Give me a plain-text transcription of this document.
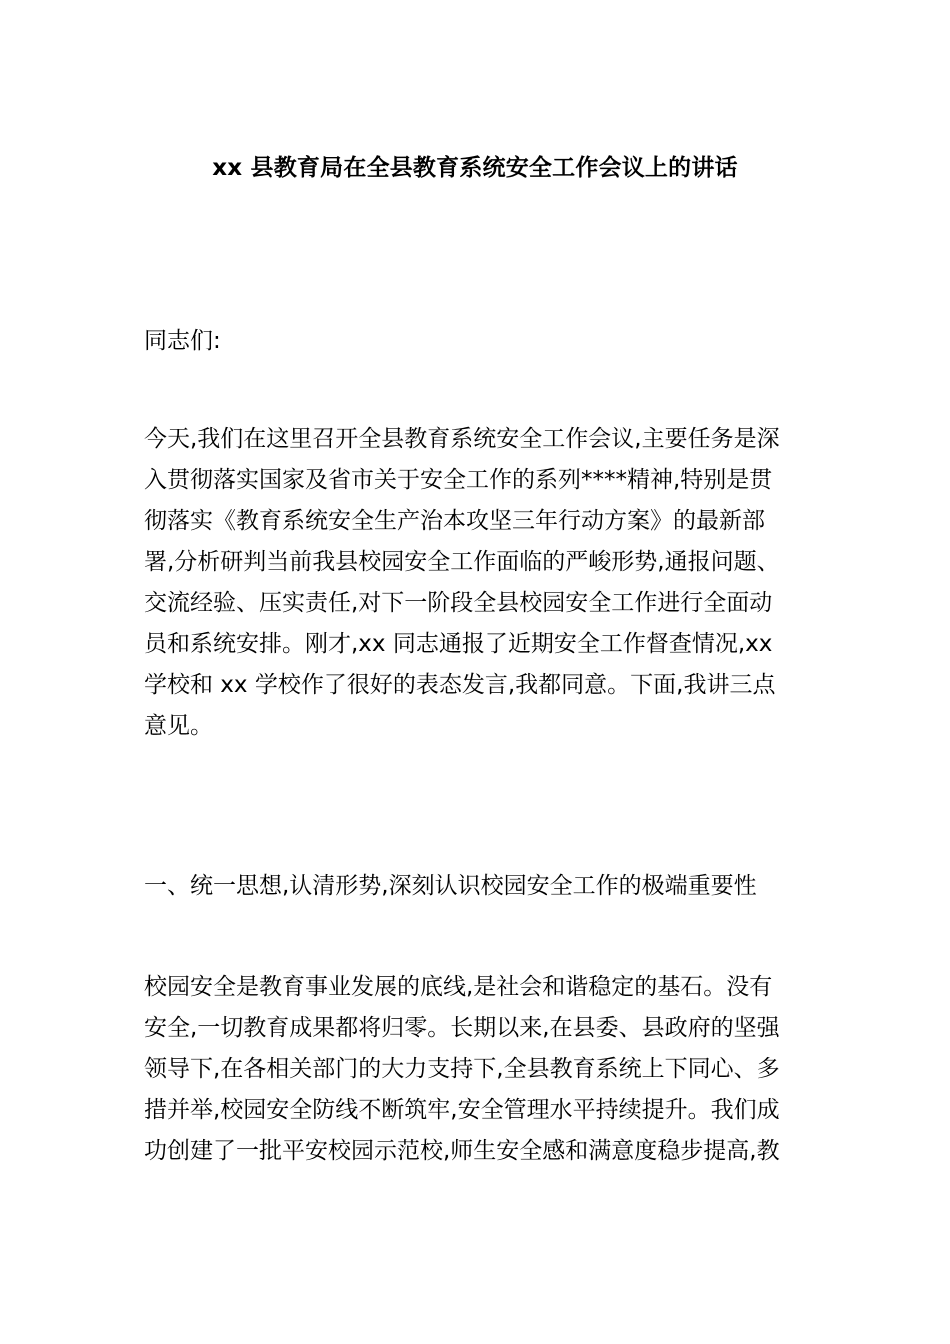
xx 县教育局在全县教育系统安全工作会议上的讲话
同志们:
今天,我们在这里召开全县教育系统安全工作会议,主要任务是深
入贯彻落实国家及省市关于安全工作的系列****精神,特别是贯
彻落实《教育系统安全生产治本攻坚三年行动方案》的最新部
署,分析研判当前我县校园安全工作面临的严峻形势,通报问题、
交流经验、压实责任,对下一阶段全县校园安全工作进行全面动
员和系统安排。刚才,xx 同志通报了近期安全工作督查情况,xx
学校和 xx 学校作了很好的表态发言,我都同意。下面,我讲三点
意见。
一、统一思想,认清形势,深刻认识校园安全工作的极端重要性
校园安全是教育事业发展的底线,是社会和谐稳定的基石。没有
安全,一切教育成果都将归零。长期以来,在县委、县政府的坚强
领导下,在各相关部门的大力支持下,全县教育系统上下同心、多
措并举,校园安全防线不断筑牢,安全管理水平持续提升。我们成
功创建了一批平安校园示范校,师生安全感和满意度稳步提高,教
